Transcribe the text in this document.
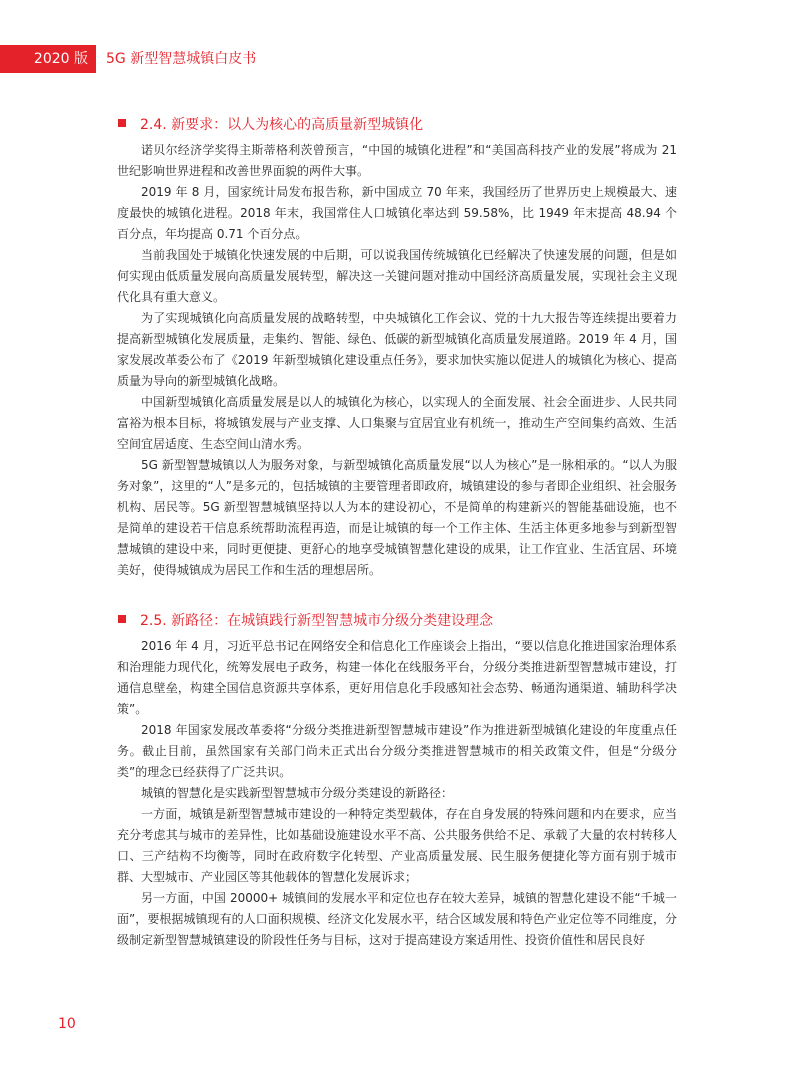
2020 版	5G 新型智慧城镇白皮书
2.4. 新要求：以人为核心的高质量新型城镇化

诺贝尔经济学奖得主斯蒂格利茨曾预言，“中国的城镇化进程”和“美国高科技产业的发展”将成为 21 世纪影响世界进程和改善世界面貌的两件大事。

2019 年 8 月，国家统计局发布报告称，新中国成立 70 年来，我国经历了世界历史上规模最大、速度最快的城镇化进程。2018 年末，我国常住人口城镇化率达到 59.58%，比 1949 年末提高 48.94 个百分点，年均提高 0.71 个百分点。

当前我国处于城镇化快速发展的中后期，可以说我国传统城镇化已经解决了快速发展的问题，但是如何实现由低质量发展向高质量发展转型，解决这一关键问题对推动中国经济高质量发展，实现社会主义现代化具有重大意义。

为了实现城镇化向高质量发展的战略转型，中央城镇化工作会议、党的十九大报告等连续提出要着力提高新型城镇化发展质量，走集约、智能、绿色、低碳的新型城镇化高质量发展道路。2019 年 4 月，国家发展改革委公布了《2019 年新型城镇化建设重点任务》，要求加快实施以促进人的城镇化为核心、提高质量为导向的新型城镇化战略。

中国新型城镇化高质量发展是以人的城镇化为核心，以实现人的全面发展、社会全面进步、人民共同富裕为根本目标，将城镇发展与产业支撑、人口集聚与宜居宜业有机统一，推动生产空间集约高效、生活空间宜居适度、生态空间山清水秀。

5G 新型智慧城镇以人为服务对象，与新型城镇化高质量发展“以人为核心”是一脉相承的。“以人为服务对象”，这里的“人”是多元的，包括城镇的主要管理者即政府，城镇建设的参与者即企业组织、社会服务机构、居民等。5G 新型智慧城镇坚持以人为本的建设初心，不是简单的构建新兴的智能基础设施，也不是简单的建设若干信息系统帮助流程再造，而是让城镇的每一个工作主体、生活主体更多地参与到新型智慧城镇的建设中来，同时更便捷、更舒心的地享受城镇智慧化建设的成果，让工作宜业、生活宜居、环境美好，使得城镇成为居民工作和生活的理想居所。

2.5. 新路径：在城镇践行新型智慧城市分级分类建设理念

2016 年 4 月，习近平总书记在网络安全和信息化工作座谈会上指出，“要以信息化推进国家治理体系和治理能力现代化，统筹发展电子政务，构建一体化在线服务平台，分级分类推进新型智慧城市建设，打通信息壁垒，构建全国信息资源共享体系，更好用信息化手段感知社会态势、畅通沟通渠道、辅助科学决策”。

2018 年国家发展改革委将“分级分类推进新型智慧城市建设”作为推进新型城镇化建设的年度重点任务。截止目前，虽然国家有关部门尚未正式出台分级分类推进智慧城市的相关政策文件，但是“分级分类”的理念已经获得了广泛共识。

城镇的智慧化是实践新型智慧城市分级分类建设的新路径：

一方面，城镇是新型智慧城市建设的一种特定类型载体，存在自身发展的特殊问题和内在要求，应当充分考虑其与城市的差异性，比如基础设施建设水平不高、公共服务供给不足、承载了大量的农村转移人口、三产结构不均衡等，同时在政府数字化转型、产业高质量发展、民生服务便捷化等方面有别于城市群、大型城市、产业园区等其他载体的智慧化发展诉求；

另一方面，中国 20000+ 城镇间的发展水平和定位也存在较大差异，城镇的智慧化建设不能“千城一面”，要根据城镇现有的人口面积规模、经济文化发展水平，结合区域发展和特色产业定位等不同维度，分级制定新型智慧城镇建设的阶段性任务与目标，这对于提高建设方案适用性、投资价值性和居民良好

10
